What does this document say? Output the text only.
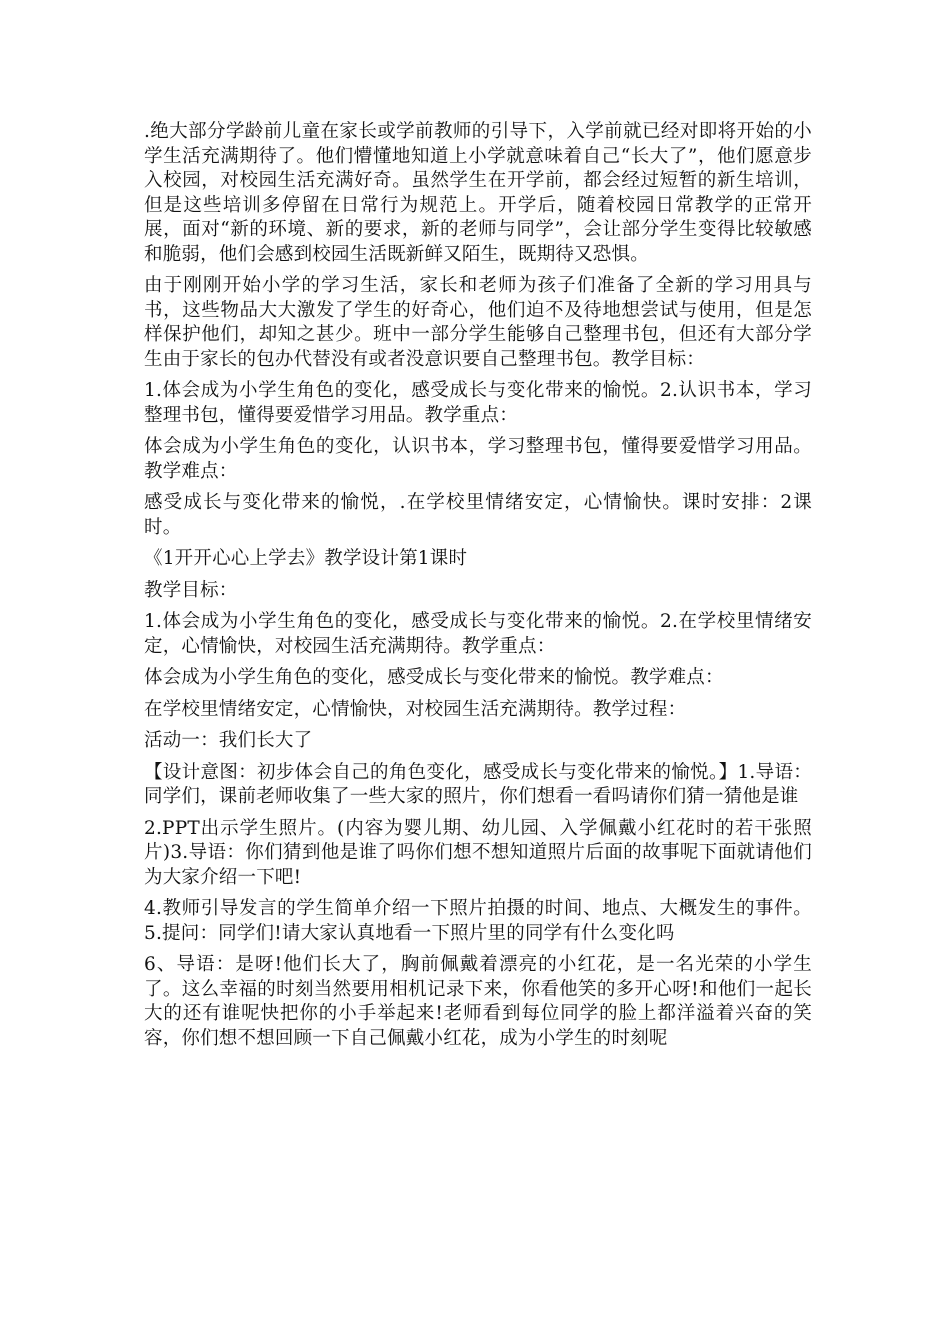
.绝大部分学龄前儿童在家长或学前教师的引导下，入学前就已经对即将开始的小学生活充满期待了。他们懵懂地知道上小学就意味着自己“长大了”，他们愿意步入校园，对校园生活充满好奇。虽然学生在开学前，都会经过短暂的新生培训，但是这些培训多停留在日常行为规范上。开学后，随着校园日常教学的正常开展，面对“新的环境、新的要求，新的老师与同学”，会让部分学生变得比较敏感和脆弱，他们会感到校园生活既新鲜又陌生，既期待又恐惧。

由于刚刚开始小学的学习生活，家长和老师为孩子们准备了全新的学习用具与书，这些物品大大激发了学生的好奇心，他们迫不及待地想尝试与使用，但是怎样保护他们，却知之甚少。班中一部分学生能够自己整理书包，但还有大部分学生由于家长的包办代替没有或者没意识要自己整理书包。教学目标：

1.体会成为小学生角色的变化，感受成长与变化带来的愉悦。2.认识书本，学习整理书包，懂得要爱惜学习用品。教学重点：

体会成为小学生角色的变化，认识书本，学习整理书包，懂得要爱惜学习用品。教学难点：

感受成长与变化带来的愉悦，.在学校里情绪安定，心情愉快。课时安排：2课时。

《1开开心心上学去》教学设计第1课时

教学目标：

1.体会成为小学生角色的变化，感受成长与变化带来的愉悦。2.在学校里情绪安定，心情愉快，对校园生活充满期待。教学重点：

体会成为小学生角色的变化，感受成长与变化带来的愉悦。教学难点：

在学校里情绪安定，心情愉快，对校园生活充满期待。教学过程：

活动一：我们长大了

【设计意图：初步体会自己的角色变化，感受成长与变化带来的愉悦。】1.导语：同学们，课前老师收集了一些大家的照片，你们想看一看吗请你们猜一猜他是谁

2.PPT出示学生照片。(内容为婴儿期、幼儿园、入学佩戴小红花时的若干张照片)3.导语：你们猜到他是谁了吗你们想不想知道照片后面的故事呢下面就请他们为大家介绍一下吧!

4.教师引导发言的学生简单介绍一下照片拍摄的时间、地点、大概发生的事件。5.提问：同学们!请大家认真地看一下照片里的同学有什么变化吗

6、导语：是呀!他们长大了，胸前佩戴着漂亮的小红花，是一名光荣的小学生了。这么幸福的时刻当然要用相机记录下来，你看他笑的多开心呀!和他们一起长大的还有谁呢快把你的小手举起来!老师看到每位同学的脸上都洋溢着兴奋的笑容，你们想不想回顾一下自己佩戴小红花，成为小学生的时刻呢
